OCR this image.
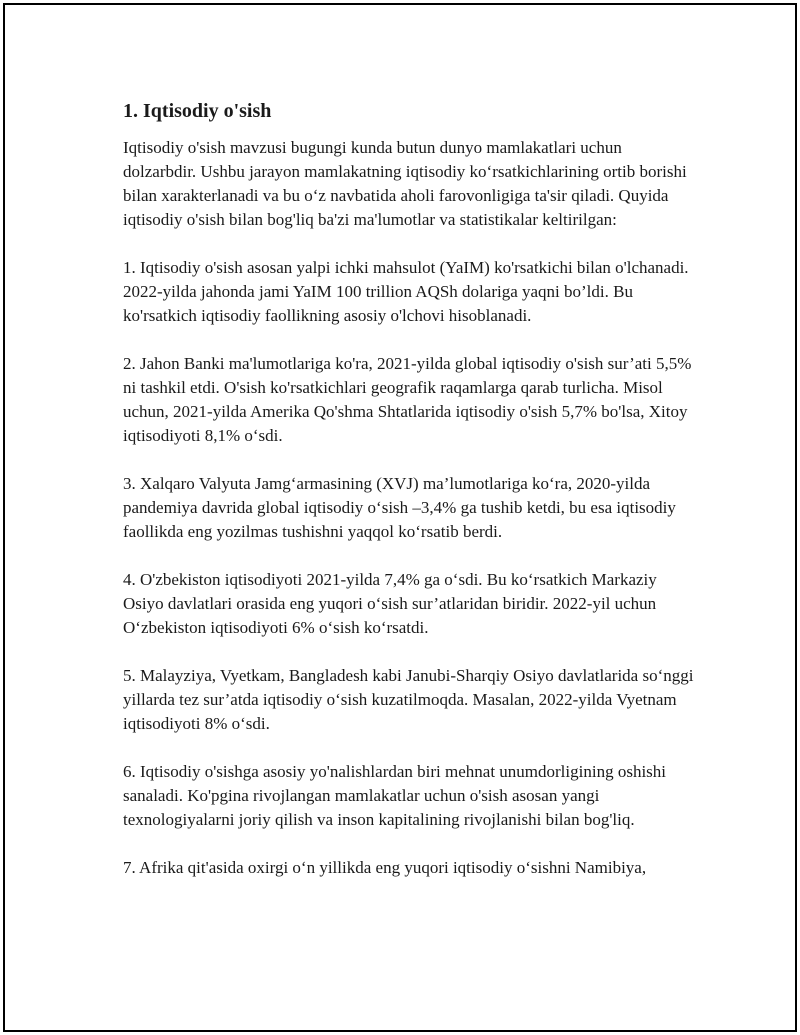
1. Iqtisodiy o'sish

Iqtisodiy o'sish mavzusi bugungi kunda butun dunyo mamlakatlari uchun dolzarbdir. Ushbu jarayon mamlakatning iqtisodiy koʻrsatkichlarining ortib borishi bilan xarakterlanadi va bu oʻz navbatida aholi farovonligiga ta'sir qiladi. Quyida iqtisodiy o'sish bilan bog'liq ba'zi ma'lumotlar va statistikalar keltirilgan:

1. Iqtisodiy o'sish asosan yalpi ichki mahsulot (YaIM) ko'rsatkichi bilan o'lchanadi. 2022-yilda jahonda jami YaIM 100 trillion AQSh dolariga yaqni bo’ldi. Bu ko'rsatkich iqtisodiy faollikning asosiy o'lchovi hisoblanadi.

2. Jahon Banki ma'lumotlariga ko'ra, 2021-yilda global iqtisodiy o'sish sur’ati 5,5% ni tashkil etdi. O'sish ko'rsatkichlari geografik raqamlarga qarab turlicha. Misol uchun, 2021-yilda Amerika Qo'shma Shtatlarida iqtisodiy o'sish 5,7% bo'lsa, Xitoy iqtisodiyoti 8,1% oʻsdi.

3. Xalqaro Valyuta Jamgʻarmasining (XVJ) ma’lumotlariga koʻra, 2020-yilda pandemiya davrida global iqtisodiy oʻsish –3,4% ga tushib ketdi, bu esa iqtisodiy faollikda eng yozilmas tushishni yaqqol koʻrsatib berdi.

4. O'zbekiston iqtisodiyoti 2021-yilda 7,4% ga oʻsdi. Bu koʻrsatkich Markaziy Osiyo davlatlari orasida eng yuqori oʻsish sur’atlaridan biridir. 2022-yil uchun Oʻzbekiston iqtisodiyoti 6% oʻsish koʻrsatdi.

5. Malayziya, Vyetkam, Bangladesh kabi Janubi-Sharqiy Osiyo davlatlarida soʻnggi yillarda tez sur’atda iqtisodiy oʻsish kuzatilmoqda. Masalan, 2022-yilda Vyetnam iqtisodiyoti 8% oʻsdi.

6. Iqtisodiy o'sishga asosiy yo'nalishlardan biri mehnat unumdorligining oshishi sanaladi. Ko'pgina rivojlangan mamlakatlar uchun o'sish asosan yangi texnologiyalarni joriy qilish va inson kapitalining rivojlanishi bilan bog'liq.

7. Afrika qit'asida oxirgi oʻn yillikda eng yuqori iqtisodiy oʻsishni Namibiya,
